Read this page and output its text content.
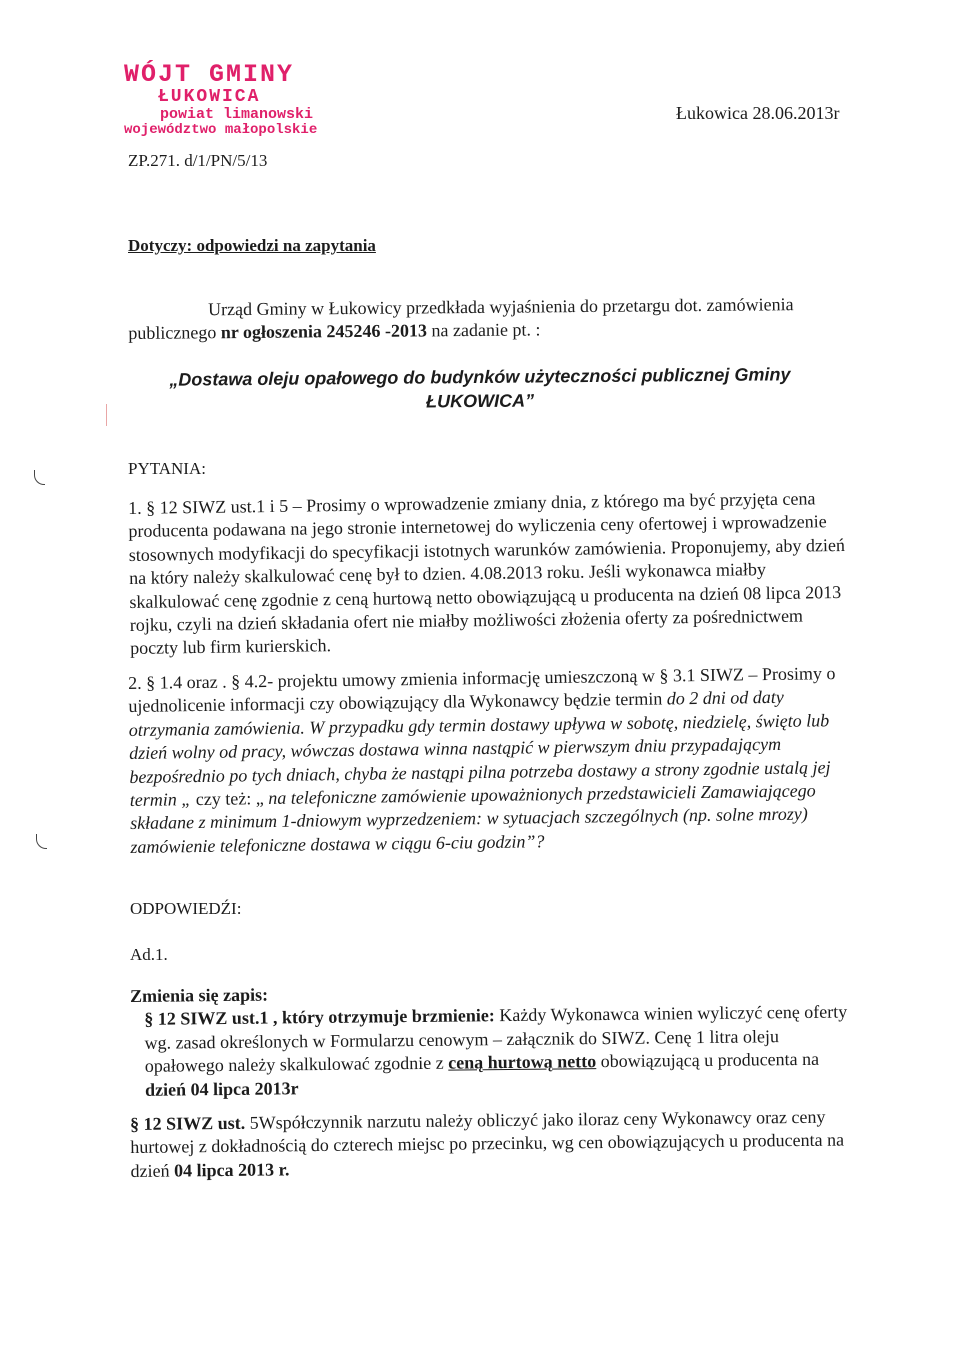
WÓJT GMINY
ŁUKOWICA
powiat limanowski
województwo małopolskie
Łukowica 28.06.2013r
ZP.271. d/1/PN/5/13
Dotyczy: odpowiedzi na zapytania
Urząd Gminy w Łukowicy przedkłada wyjaśnienia do przetargu dot. zamówienia publicznego nr ogłoszenia 245246 -2013 na zadanie pt. :
„Dostawa oleju opałowego do budynków użyteczności publicznej Gminy
ŁUKOWICA”
PYTANIA:
1. § 12 SIWZ ust.1 i 5 – Prosimy o wprowadzenie zmiany dnia, z którego ma być przyjęta cena producenta podawana na jego stronie internetowej do wyliczenia ceny ofertowej i wprowadzenie stosownych modyfikacji do specyfikacji istotnych warunków zamówienia. Proponujemy, aby dzień na który należy skalkulować cenę był to dzien. 4.08.2013 roku. Jeśli wykonawca miałby skalkulować cenę zgodnie z ceną hurtową netto obowiązującą u producenta na dzień 08 lipca 2013 rojku, czyli na dzień składania ofert nie miałby możliwości złożenia oferty za pośrednictwem poczty lub firm kurierskich.
2. § 1.4 oraz . § 4.2- projektu umowy zmienia informację umieszczoną w § 3.1 SIWZ – Prosimy o ujednolicenie informacji czy obowiązujący dla Wykonawcy będzie termin do 2 dni od daty otrzymania zamówienia. W przypadku gdy termin dostawy upływa w sobotę, niedzielę, święto lub dzień wolny od pracy, wówczas dostawa winna nastąpić w pierwszym dniu przypadającym bezpośrednio po tych dniach, chyba że nastąpi pilna potrzeba dostawy a strony zgodnie ustalą jej termin „ czy też: „ na telefoniczne zamówienie upoważnionych przedstawicieli Zamawiającego składane z minimum 1-dniowym wyprzedzeniem: w sytuacjach szczególnych (np. solne mrozy) zamówienie telefoniczne dostawa w ciągu 6-ciu godzin”?
ODPOWIEDŹI:
Ad.1.
Zmienia się zapis:
§ 12 SIWZ ust.1 , który otrzymuje brzmienie: Każdy Wykonawca winien wyliczyć cenę oferty wg. zasad określonych w Formularzu cenowym – załącznik do SIWZ. Cenę 1 litra oleju opałowego należy skalkulować zgodnie z ceną hurtową netto obowiązującą u producenta na dzień 04 lipca 2013r
§ 12 SIWZ ust. 5Współczynnik narzutu należy obliczyć jako iloraz ceny Wykonawcy oraz ceny hurtowej z dokładnością do czterech miejsc po przecinku, wg cen obowiązujących u producenta na dzień 04 lipca 2013 r.
